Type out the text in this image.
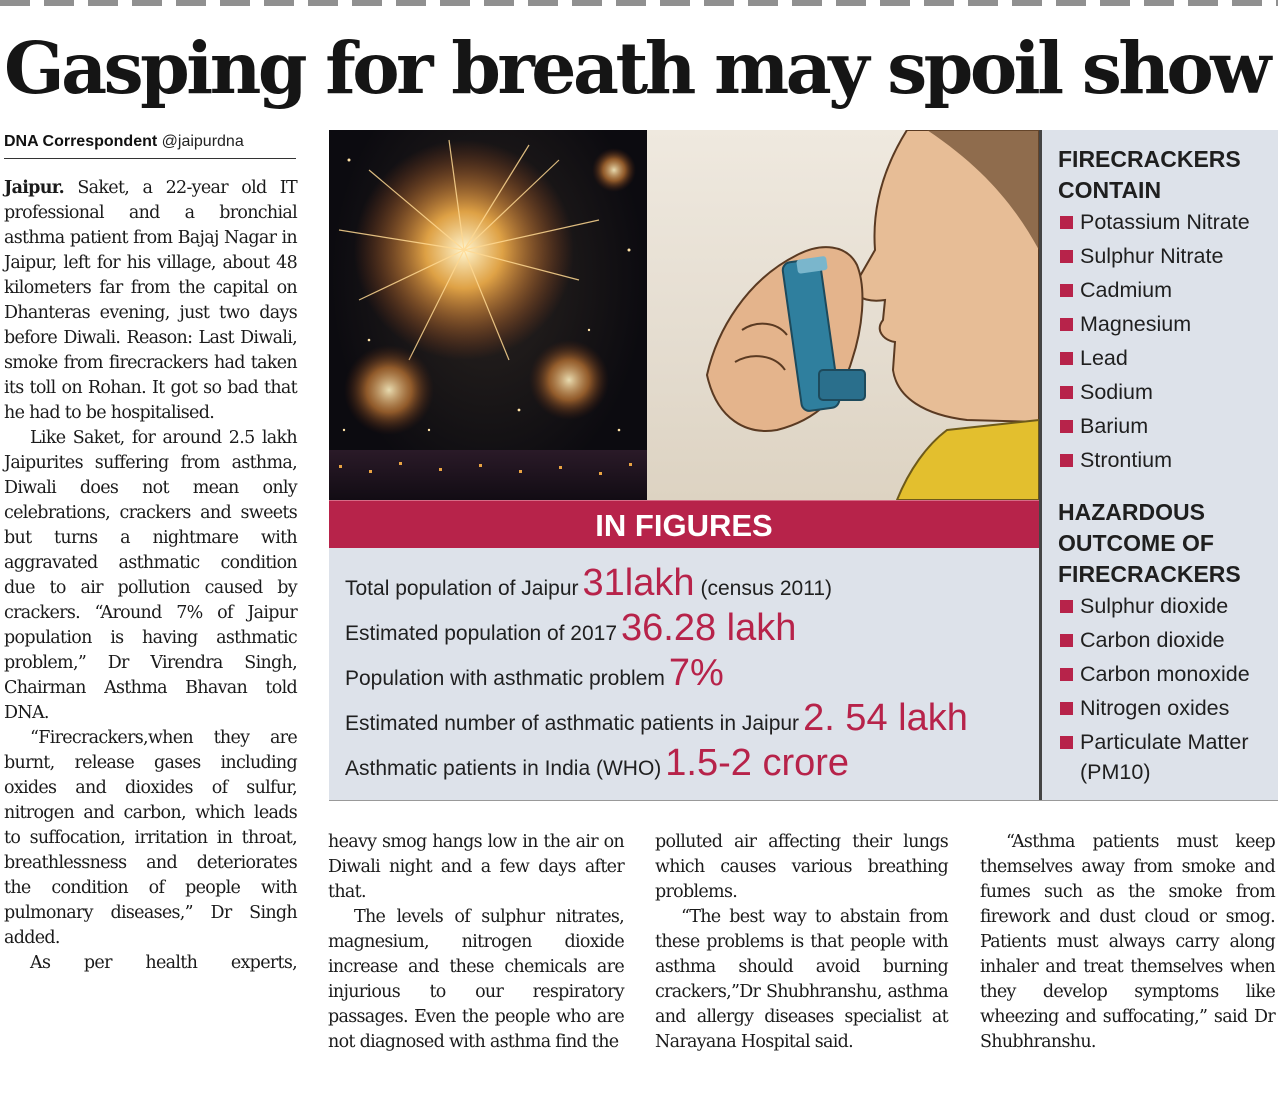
Gasping for breath may spoil show
DNA Correspondent @jaipurdna

Jaipur. Saket, a 22-year old IT professional and a bronchial asthma patient from Bajaj Nagar in Jaipur, left for his village, about 48 kilometers far from the capital on Dhanteras evening, just two days before Diwali. Reason: Last Diwali, smoke from firecrackers had taken its toll on Rohan. It got so bad that he had to be hospitalised.

Like Saket, for around 2.5 lakh Jaipurites suffering from asthma, Diwali does not mean only celebrations, crackers and sweets but turns a nightmare with aggravated asthmatic condition due to air pollution caused by crackers. “Around 7% of Jaipur population is having asthmatic problem,” Dr Virendra Singh, Chairman Asthma Bhavan told DNA.

“Firecrackers,when they are burnt, release gases including oxides and dioxides of sulfur, nitrogen and carbon, which leads to suffocation, irritation in throat, breathlessness and deteriorates the condition of people with pulmonary diseases,” Dr Singh added.

As per health experts,

heavy smog hangs low in the air on Diwali night and a few days after that.

The levels of sulphur nitrates, magnesium, nitrogen dioxide increase and these chemicals are injurious to our respiratory passages. Even the people who are not diagnosed with asthma find the

polluted air affecting their lungs which causes various breathing problems.

“The best way to abstain from these problems is that people with asthma should avoid burning crackers,”Dr Shubhranshu, asthma and allergy diseases specialist at Narayana Hospital said.

“Asthma patients must keep themselves away from smoke and fumes such as the smoke from firework and dust cloud or smog. Patients must always carry along inhaler and treat themselves when they develop symptoms like wheezing and suffocating,” said Dr Shubhranshu.

IN FIGURES
Total population of Jaipur 31lakh (census 2011)
Estimated population of 2017 36.28 lakh
Population with asthmatic problem 7%
Estimated number of asthmatic patients in Jaipur 2. 54 lakh
Asthmatic patients in India (WHO) 1.5-2 crore
FIRECRACKERS CONTAIN
Potassium Nitrate
Sulphur Nitrate
Cadmium
Magnesium
Lead
Sodium
Barium
Strontium
HAZARDOUS OUTCOME OF FIRECRACKERS
Sulphur dioxide
Carbon dioxide
Carbon monoxide
Nitrogen oxides
Particulate Matter (PM10)
